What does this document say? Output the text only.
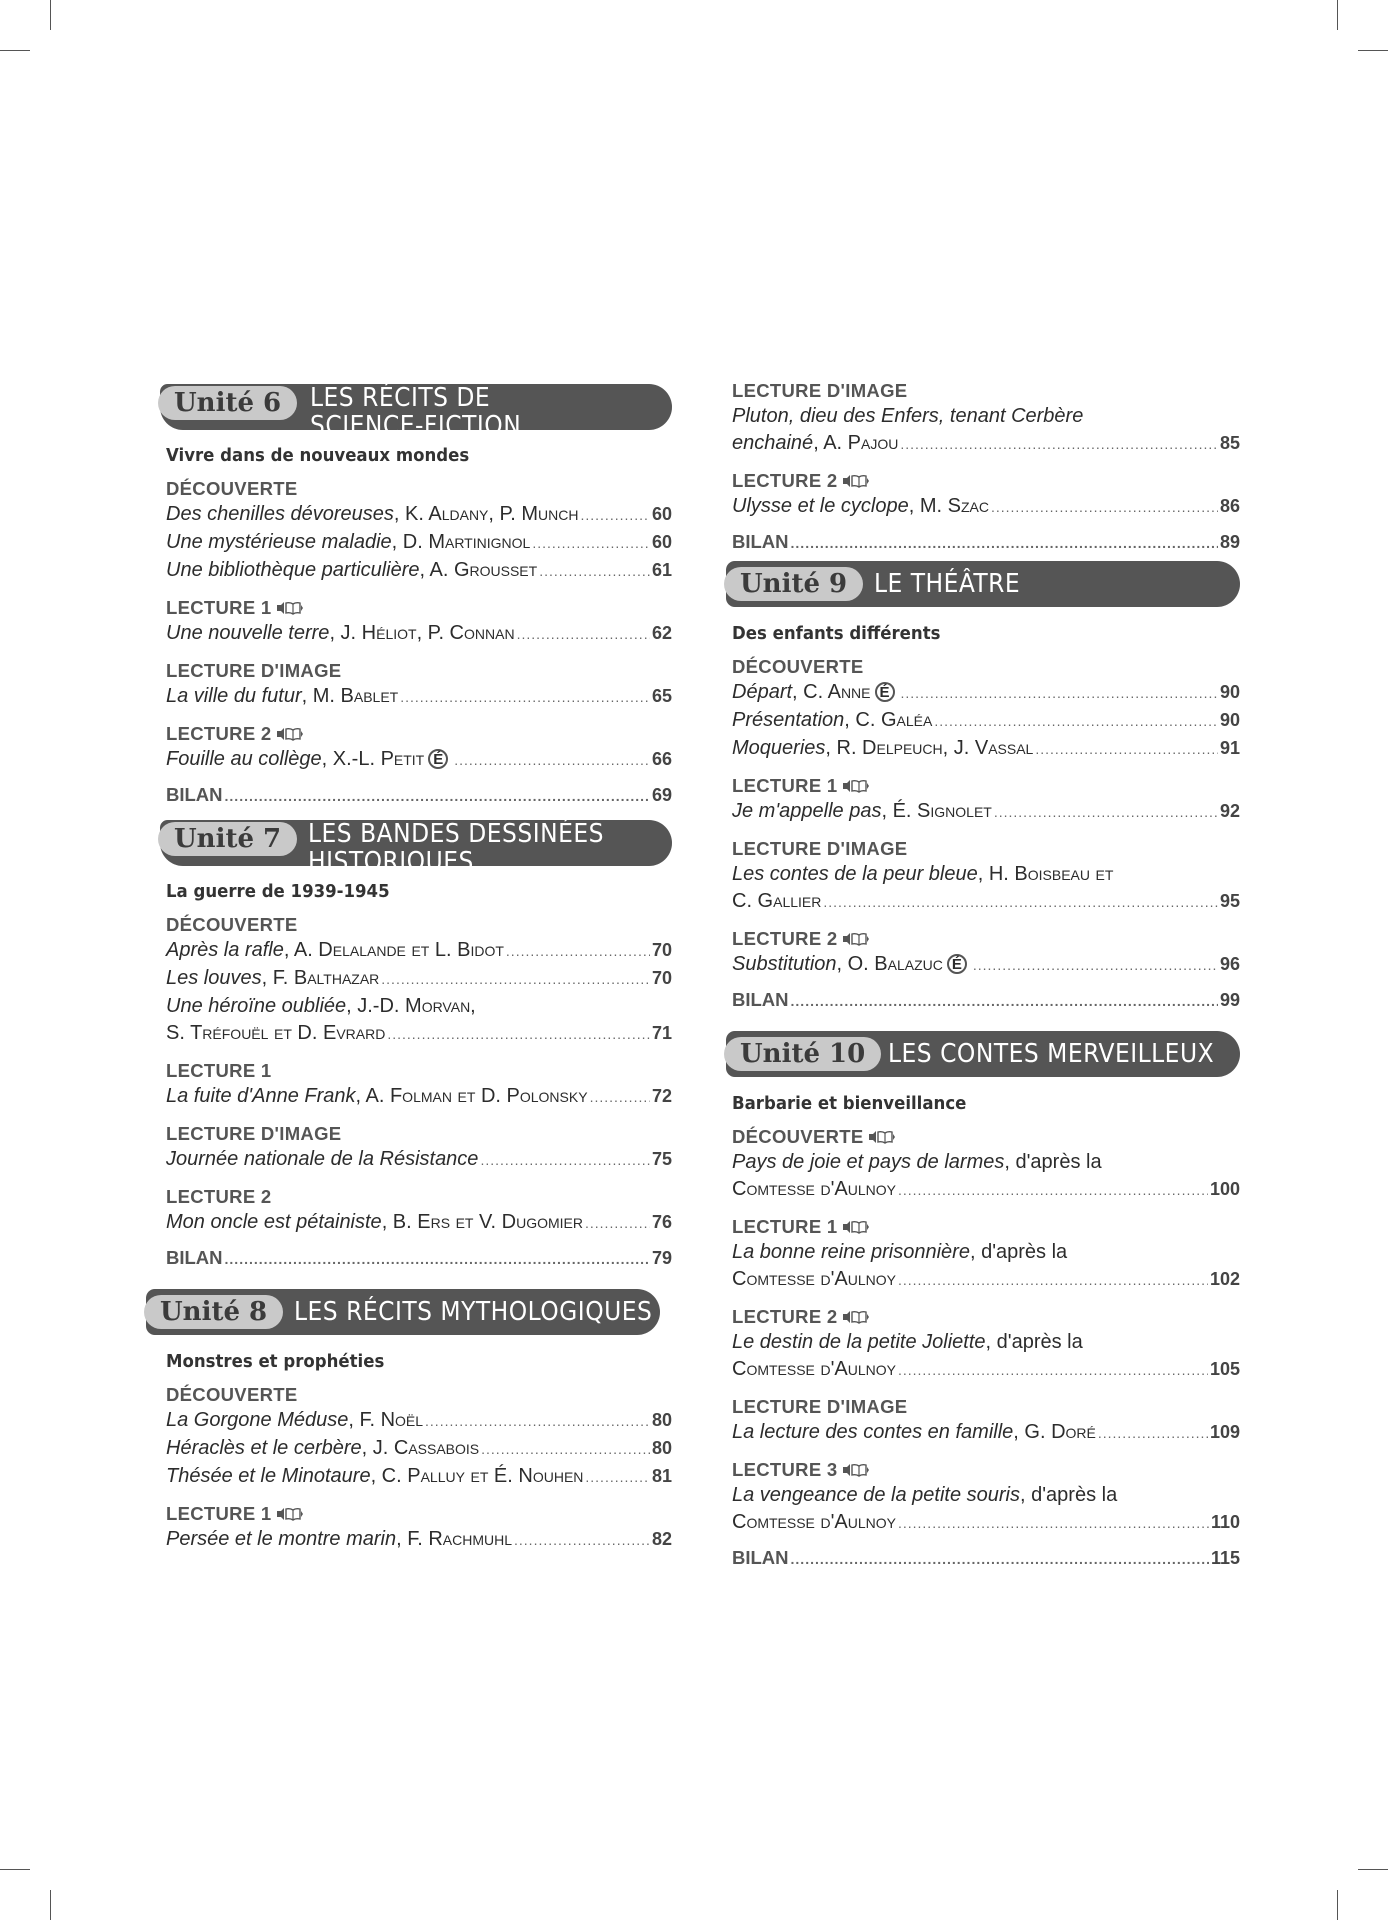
Unité 6	LES RÉCITS DE
SCIENCE-FICTION
Vivre dans de nouveaux mondes
DÉCOUVERTE
Des chenilles dévoreuses, K. Aldany, P. Munch .....	60
Une mystérieuse maladie, D. Martinignol .....	60
Une bibliothèque particulière, A. Grousset .....	61
LECTURE 1
Une nouvelle terre, J. Héliot, P. Connan .....	62
LECTURE D'IMAGE
La ville du futur, M. Bablet .....	65
LECTURE 2
Fouille au collège, X.-L. Petit É .....	66
BILAN .....	69
Unité 7	LES BANDES DESSINÉES
HISTORIQUES
La guerre de 1939-1945
DÉCOUVERTE
Après la rafle, A. Delalande et L. Bidot .....	70
Les louves, F. Balthazar .....	70
Une héroïne oubliée, J.-D. Morvan,
S. Tréfouël et D. Evrard .....	71
LECTURE 1
La fuite d'Anne Frank, A. Folman et D. Polonsky .....	72
LECTURE D'IMAGE
Journée nationale de la Résistance .....	75
LECTURE 2
Mon oncle est pétainiste, B. Ers et V. Dugomier .....	76
BILAN .....	79
Unité 8	LES RÉCITS MYTHOLOGIQUES
Monstres et prophéties
DÉCOUVERTE
La Gorgone Méduse, F. Noël .....	80
Héraclès et le cerbère, J. Cassabois .....	80
Thésée et le Minotaure, C. Palluy et É. Nouhen .....	81
LECTURE 1
Persée et le montre marin, F. Rachmuhl .....	82
LECTURE D'IMAGE
Pluton, dieu des Enfers, tenant Cerbère
enchainé, A. Pajou .....	85
LECTURE 2
Ulysse et le cyclope, M. Szac .....	86
BILAN .....	89
Unité 9	LE THÉÂTRE
Des enfants différents
DÉCOUVERTE
Départ, C. Anne É .....	90
Présentation, C. Galéa .....	90
Moqueries, R. Delpeuch, J. Vassal .....	91
LECTURE 1
Je m'appelle pas, É. Signolet .....	92
LECTURE D'IMAGE
Les contes de la peur bleue, H. Boisbeau et
C. Gallier .....	95
LECTURE 2
Substitution, O. Balazuc É .....	96
BILAN .....	99
Unité 10 LES CONTES MERVEILLEUX
Barbarie et bienveillance
DÉCOUVERTE
Pays de joie et pays de larmes, d'après la
Comtesse d'Aulnoy .....	100
LECTURE 1
La bonne reine prisonnière, d'après la
Comtesse d'Aulnoy .....	102
LECTURE 2
Le destin de la petite Joliette, d'après la
Comtesse d'Aulnoy .....	105
LECTURE D'IMAGE
La lecture des contes en famille, G. Doré .....	109
LECTURE 3
La vengeance de la petite souris, d'après la
Comtesse d'Aulnoy .....	110
BILAN .....	115
